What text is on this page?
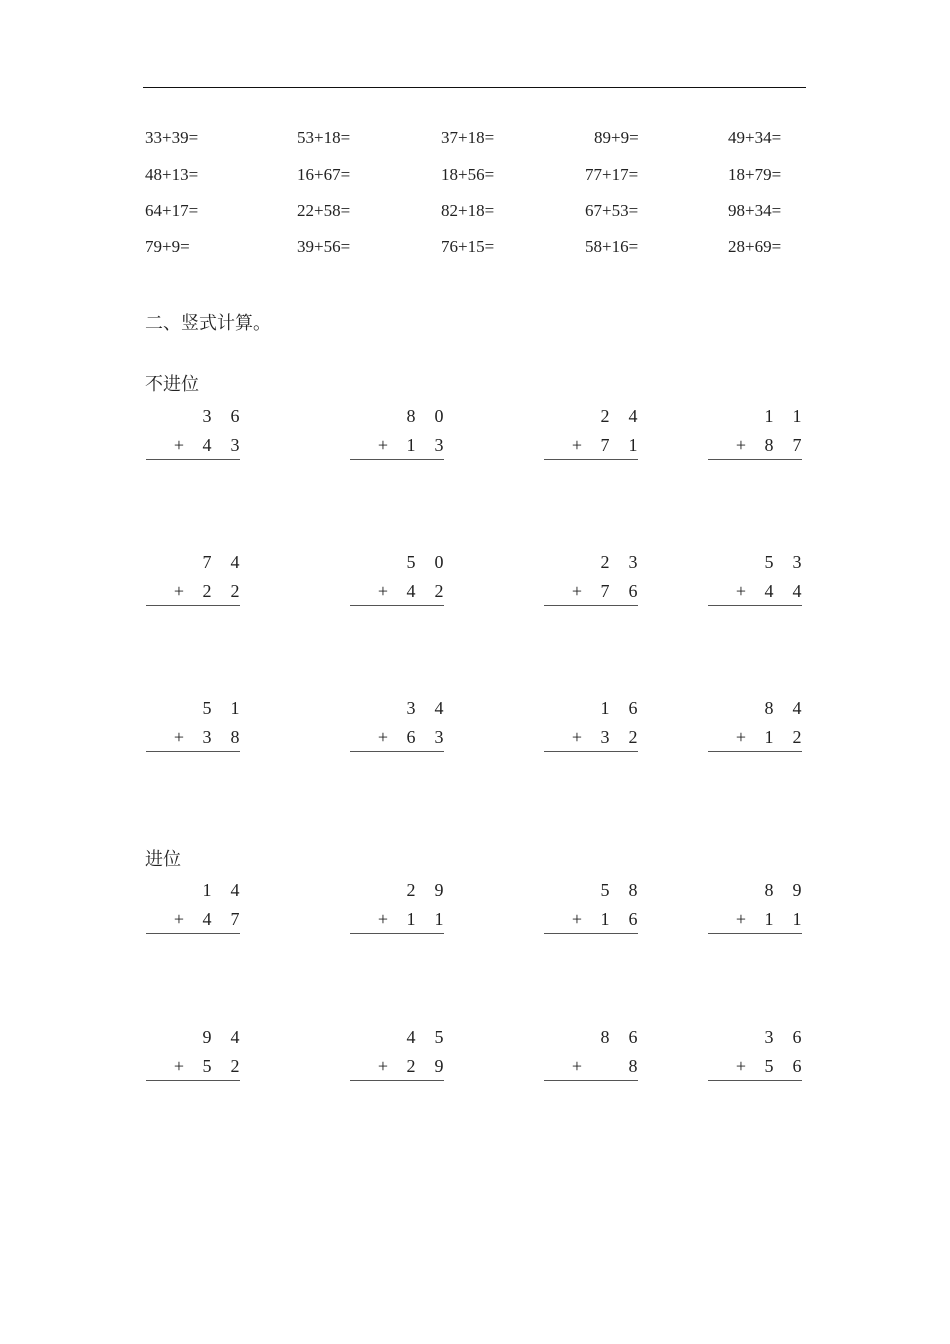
33+39=	53+18=	37+18=	89+9=	49+34=
48+13=	16+67=	18+56=	77+17=	18+79=
64+17=	22+58=	82+18=	67+53=	98+34=
79+9=	39+56=	76+15=	58+16=	28+69=
二、竖式计算。
不进位
进位
3 6
+ 4 3
8 0
+ 1 3
2 4
+ 7 1
1 1
+ 8 7
7 4
+ 2 2
5 0
+ 4 2
2 3
+ 7 6
5 3
+ 4 4
5 1
+ 3 8
3 4
+ 6 3
1 6
+ 3 2
8 4
+ 1 2
1 4
+ 4 7
2 9
+ 1 1
5 8
+ 1 6
8 9
+ 1 1
9 4
+ 5 2
4 5
+ 2 9
8 6
+	8
3 6
+ 5 6
